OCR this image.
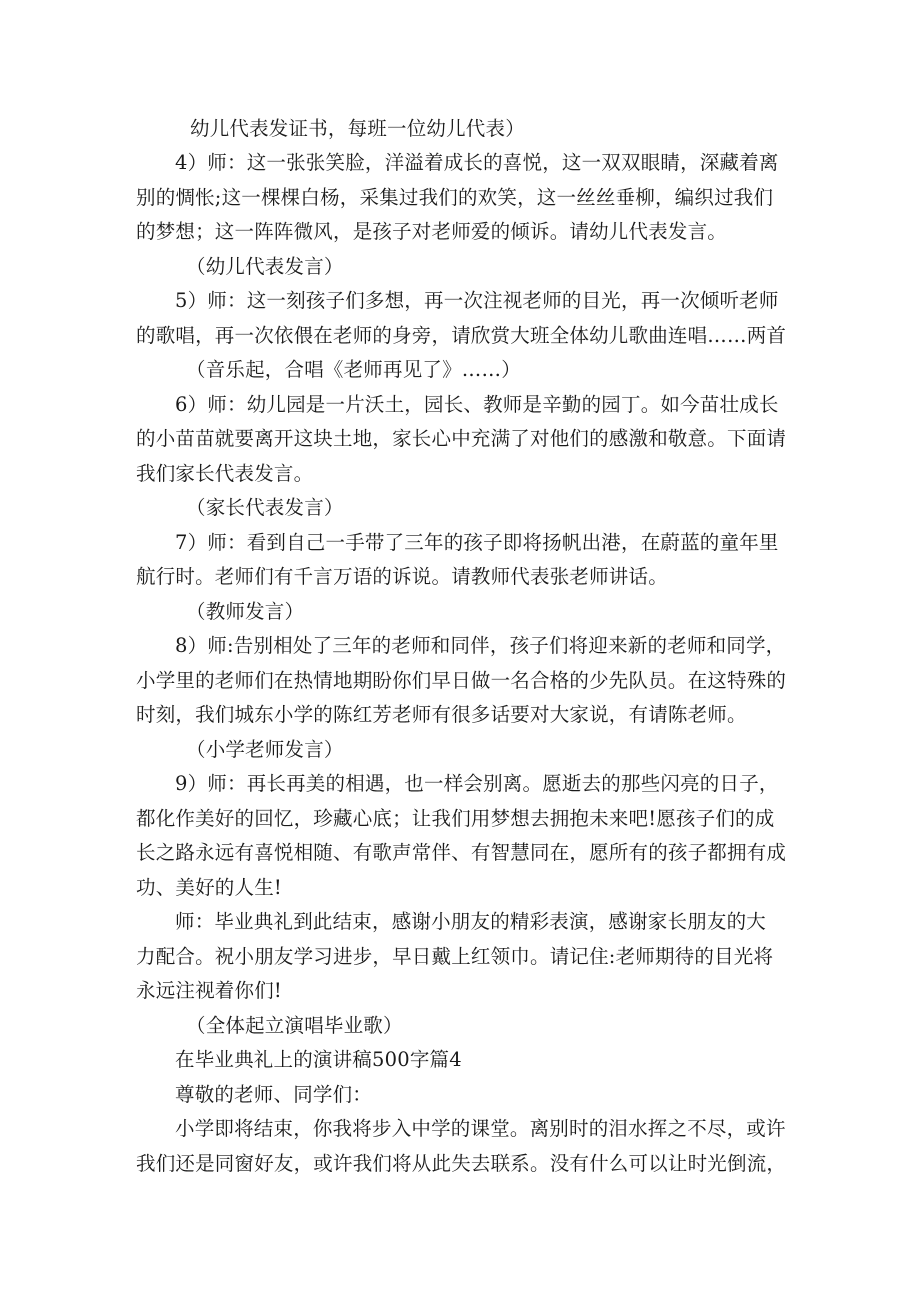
幼儿代表发证书，每班一位幼儿代表）

4）师：这一张张笑脸，洋溢着成长的喜悦，这一双双眼睛，深藏着离

别的惆怅;这一棵棵白杨，采集过我们的欢笑，这一丝丝垂柳，编织过我们

的梦想；这一阵阵微风，是孩子对老师爱的倾诉。请幼儿代表发言。

（幼儿代表发言）

5）师：这一刻孩子们多想，再一次注视老师的目光，再一次倾听老师

的歌唱，再一次依偎在老师的身旁，请欣赏大班全体幼儿歌曲连唱……两首

（音乐起，合唱《老师再见了》……）

6）师：幼儿园是一片沃土，园长、教师是辛勤的园丁。如今苗壮成长

的小苗苗就要离开这块土地，家长心中充满了对他们的感激和敬意。下面请

我们家长代表发言。

（家长代表发言）

7）师：看到自己一手带了三年的孩子即将扬帆出港，在蔚蓝的童年里

航行时。老师们有千言万语的诉说。请教师代表张老师讲话。

（教师发言）

8）师:告别相处了三年的老师和同伴，孩子们将迎来新的老师和同学，

小学里的老师们在热情地期盼你们早日做一名合格的少先队员。在这特殊的

时刻，我们城东小学的陈红芳老师有很多话要对大家说，有请陈老师。

（小学老师发言）

9）师：再长再美的相遇，也一样会别离。愿逝去的那些闪亮的日子，

都化作美好的回忆，珍藏心底；让我们用梦想去拥抱未来吧!愿孩子们的成

长之路永远有喜悦相随、有歌声常伴、有智慧同在，愿所有的孩子都拥有成

功、美好的人生!

师：毕业典礼到此结束，感谢小朋友的精彩表演，感谢家长朋友的大

力配合。祝小朋友学习进步，早日戴上红领巾。请记住:老师期待的目光将

永远注视着你们!

（全体起立演唱毕业歌）

在毕业典礼上的演讲稿500字篇4

尊敬的老师、同学们：

小学即将结束，你我将步入中学的课堂。离别时的泪水挥之不尽，或许

我们还是同窗好友，或许我们将从此失去联系。没有什么可以让时光倒流，
